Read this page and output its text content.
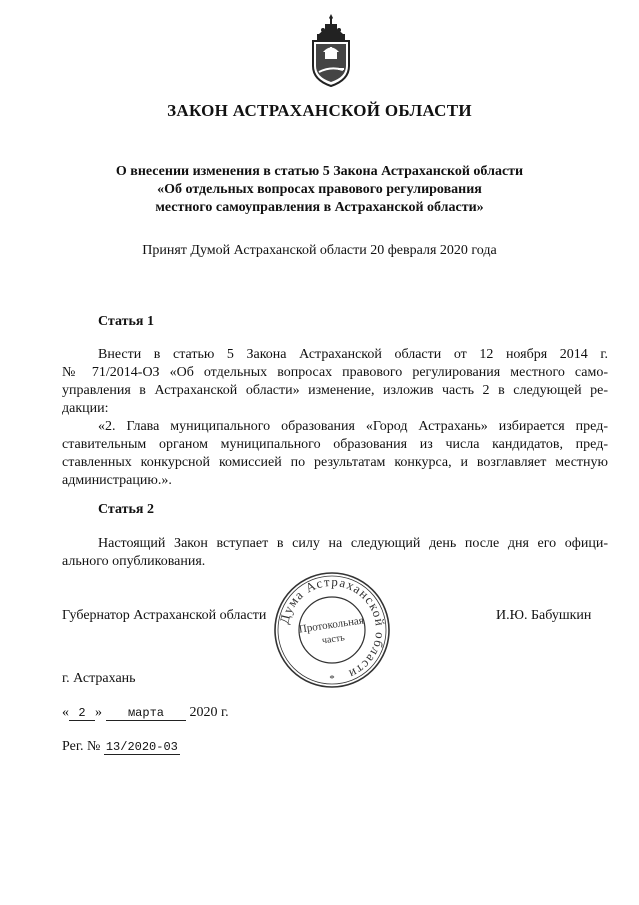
ЗАКОН АСТРАХАНСКОЙ ОБЛАСТИ
О внесении изменения в статью 5 Закона Астраханской области
«Об отдельных вопросах правового регулирования
местного самоуправления в Астраханской области»
Принят Думой Астраханской области 20 февраля 2020 года
Статья 1
Внести в статью 5 Закона Астраханской области от 12 ноября 2014 г.
№ 71/2014-ОЗ «Об отдельных вопросах правового регулирования местного само-
управления в Астраханской области» изменение, изложив часть 2 в следующей ре-
дакции:
«2. Глава муниципального образования «Город Астрахань» избирается пред-
ставительным органом муниципального образования из числа кандидатов, пред-
ставленных конкурсной комиссией по результатам конкурса, и возглавляет местную
администрацию.».
Статья 2
Настоящий Закон вступает в силу на следующий день после дня его офици-
ального опубликования.
Дума Астраханской области
Протокольная
часть
*
Губернатор Астраханской области	И.Ю. Бабушкин
г. Астрахань
« 2 » марта 2020 г.
Рег. № 13/2020-03
